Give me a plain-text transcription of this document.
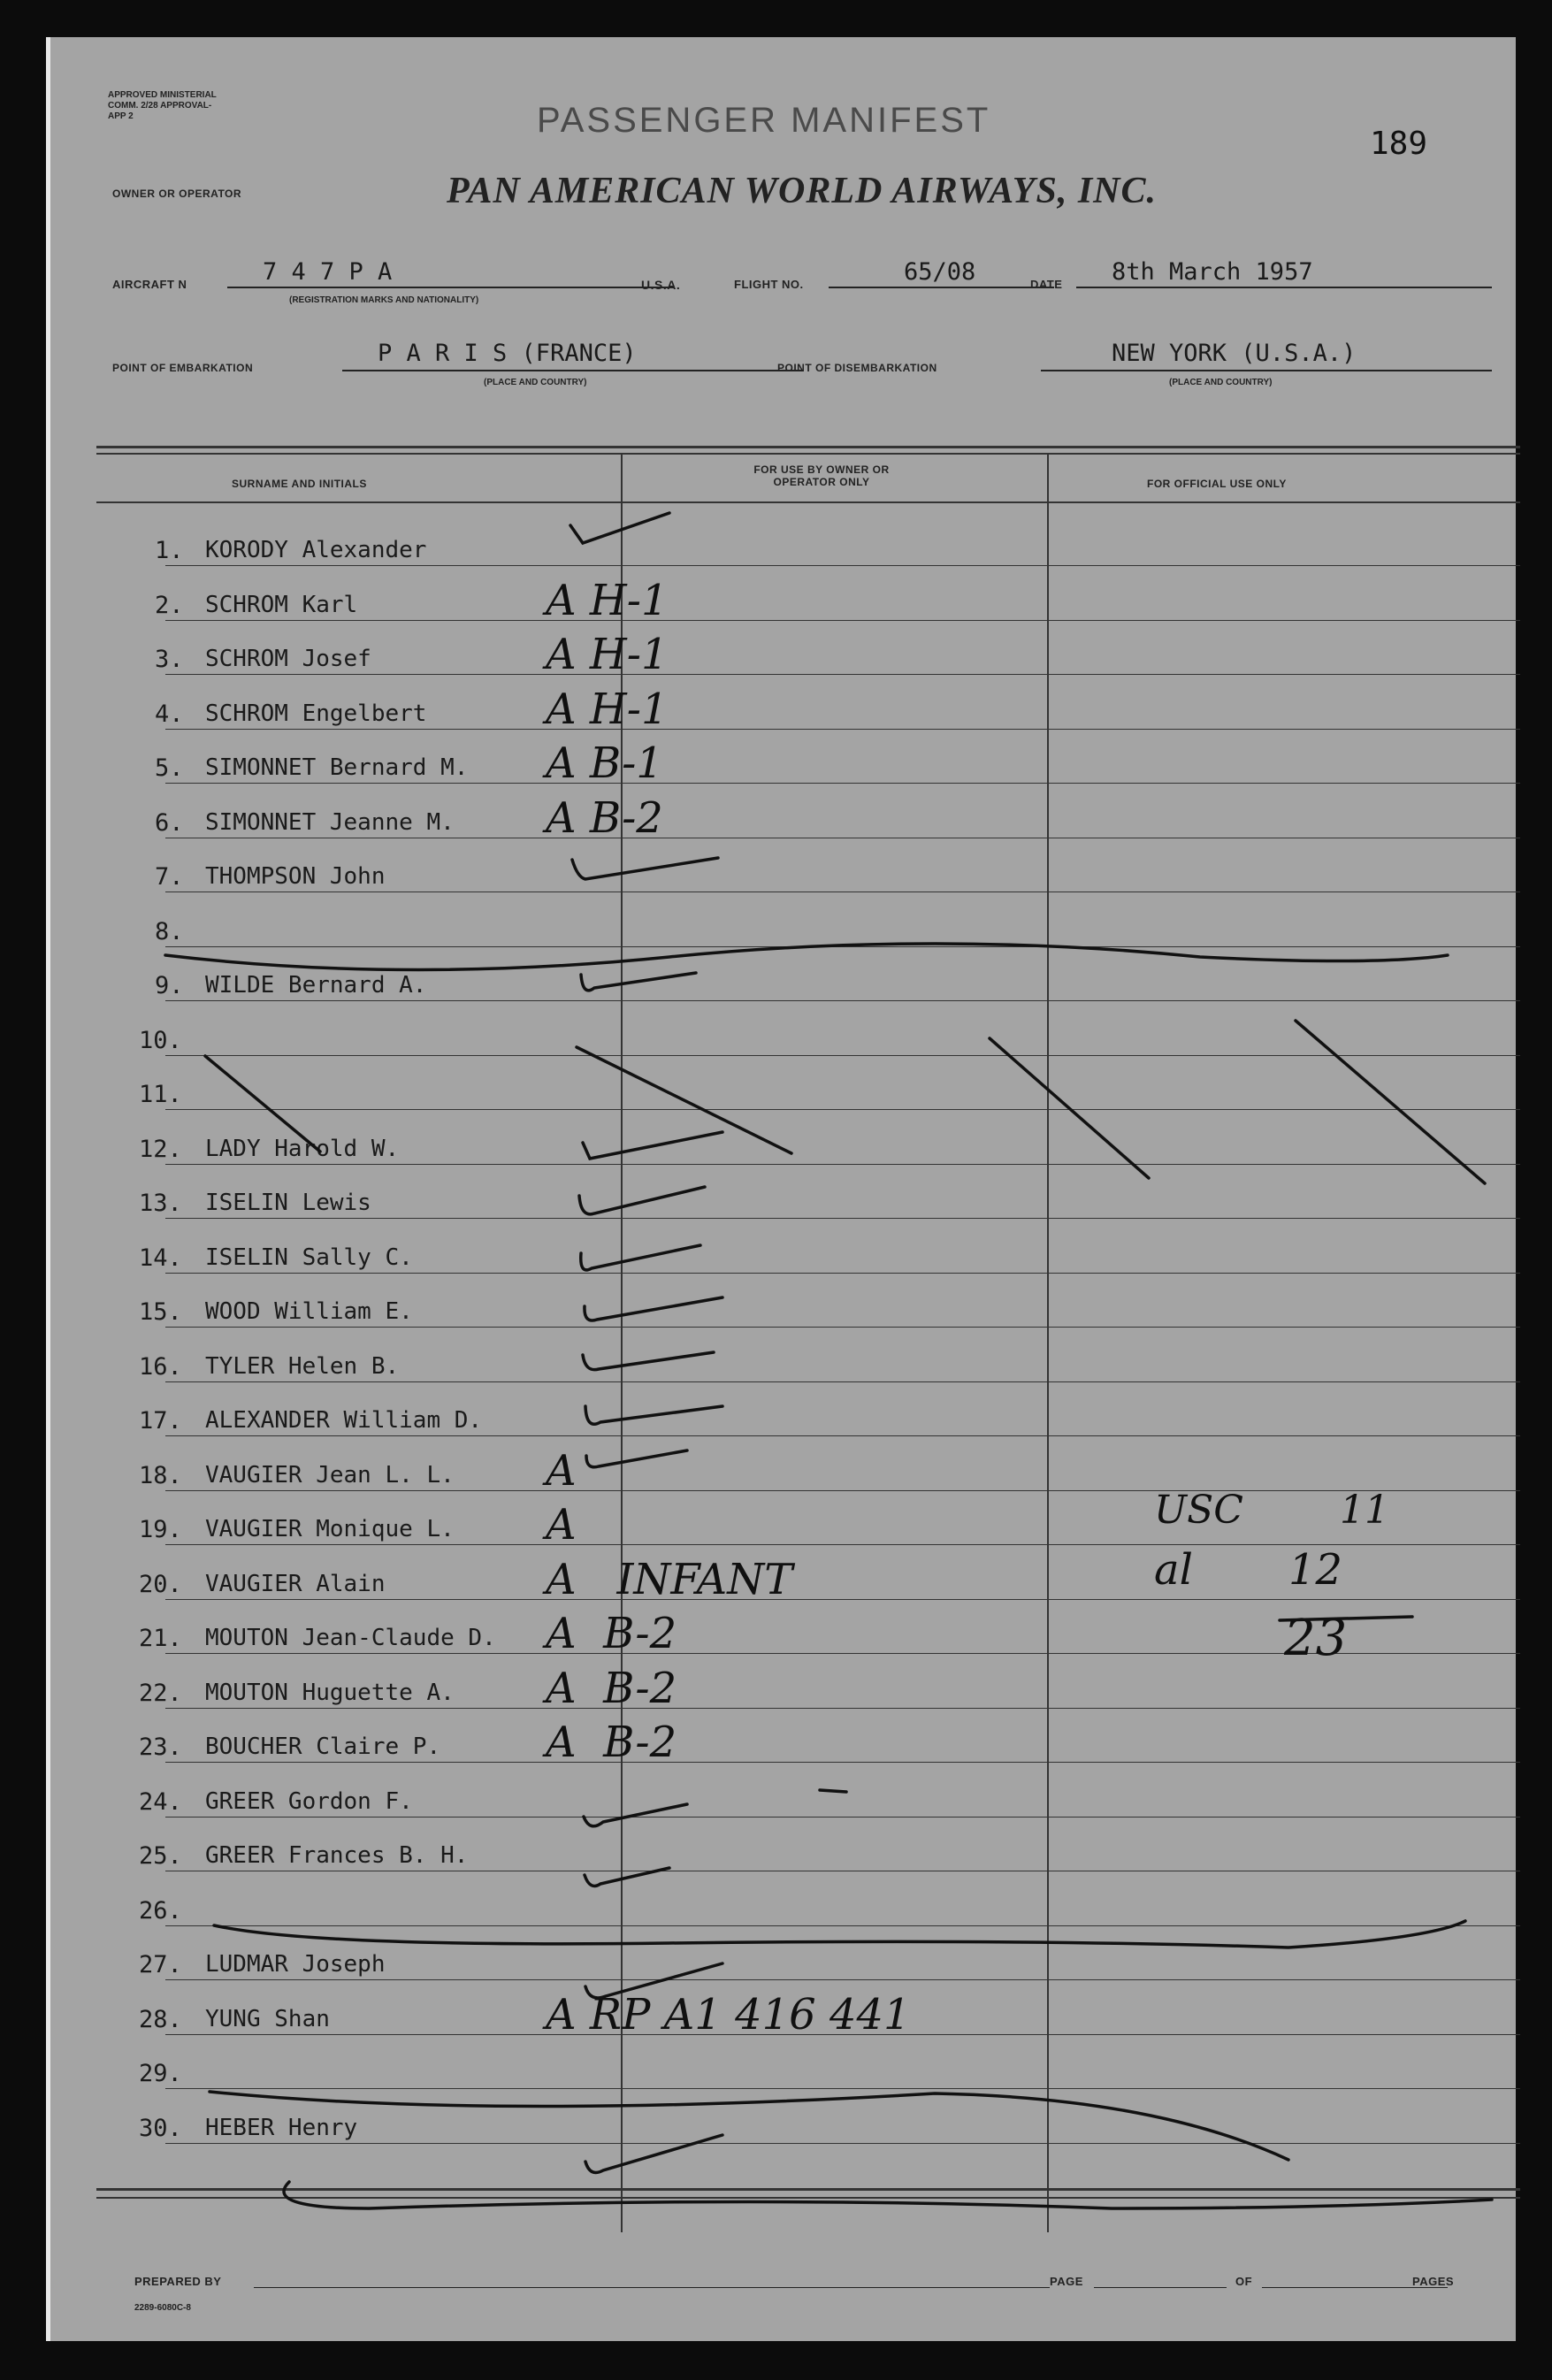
APPROVED MINISTERIAL COMM. 2/28 APPROVAL-APP 2	PASSENGER MANIFEST
189
OWNER OR OPERATOR	PAN AMERICAN WORLD AIRWAYS, INC.
AIRCRAFT N	7 4 7 P A
(REGISTRATION MARKS AND NATIONALITY)
U.S.A.	FLIGHT NO.	65/08	DATE 8th March 1957
POINT OF EMBARKATION
P A R I S (FRANCE)
(PLACE AND COUNTRY)
POINT OF DISEMBARKATION
NEW YORK (U.S.A.)
(PLACE AND COUNTRY)
SURNAME AND INITIALS
FOR USE BY OWNER OR OPERATOR ONLY	FOR OFFICIAL USE ONLY
1. KORODY Alexander
2. SCHROM Karl	A H-1
3. SCHROM Josef	A H-1
4. SCHROM Engelbert	A H-1
5. SIMONNET Bernard M. A B-1
6. SIMONNET Jeanne M. A B-2
7. THOMPSON John
8.
9. WILDE Bernard A.
10.
11.
12. LADY Harold W.
13. ISELIN Lewis
14. ISELIN Sally C.
15. WOOD William E.
16. TYLER Helen B.
17. ALEXANDER William D.
18. VAUGIER Jean L. L. A
19. VAUGIER Monique L. A
20. VAUGIER Alain	A   INFANT
21. MOUTON Jean-Claude D. A  B-2
22. MOUTON Huguette A. A  B-2
23. BOUCHER Claire P. A  B-2
24. GREER Gordon F.
25. GREER Frances B. H.
26.
27. LUDMAR Joseph
28. YUNG Shan	A RP A1 416 441
29.
30. HEBER Henry
USC 11
al 12
23
PREPARED BY	PAGE	OF	PAGES
2289-6080C-8
